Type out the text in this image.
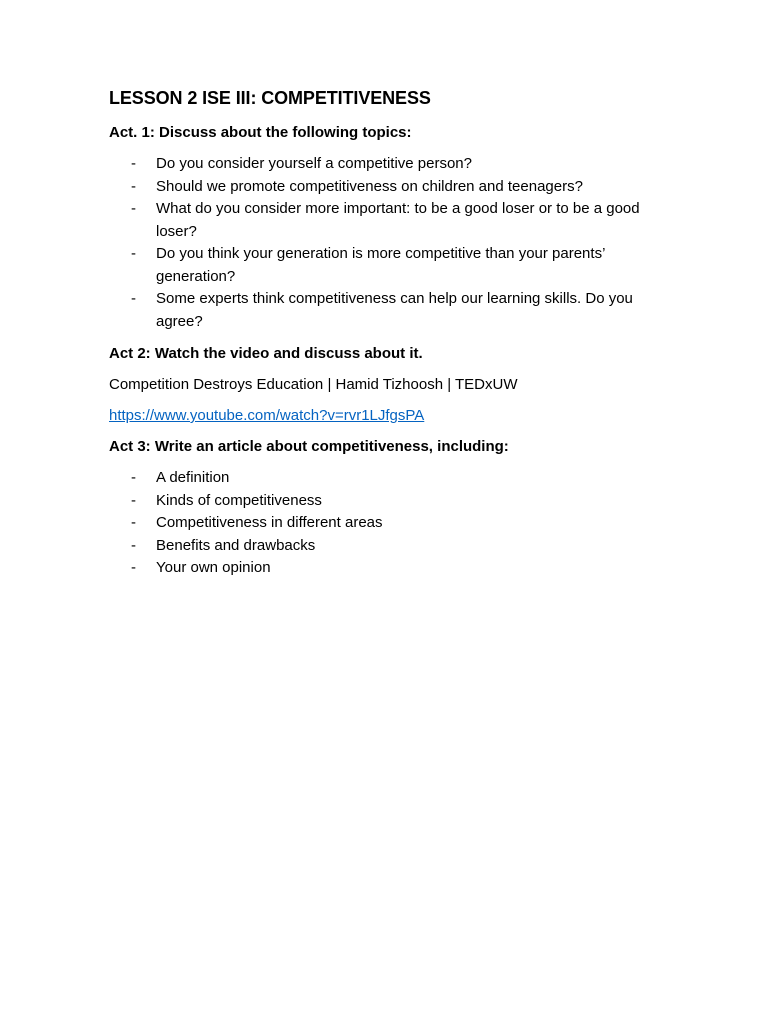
LESSON 2 ISE III: COMPETITIVENESS
Act. 1: Discuss about the following topics:
- Do you consider yourself a competitive person?
- Should we promote competitiveness on children and teenagers?
- What do you consider more important: to be a good loser or to be a good loser?
- Do you think your generation is more competitive than your parents’ generation?
- Some experts think competitiveness can help our learning skills. Do you agree?
Act 2: Watch the video and discuss about it.
Competition Destroys Education | Hamid Tizhoosh | TEDxUW
https://www.youtube.com/watch?v=rvr1LJfgsPA
Act 3: Write an article about competitiveness, including:
- A definition
- Kinds of competitiveness
- Competitiveness in different areas
- Benefits and drawbacks
- Your own opinion
